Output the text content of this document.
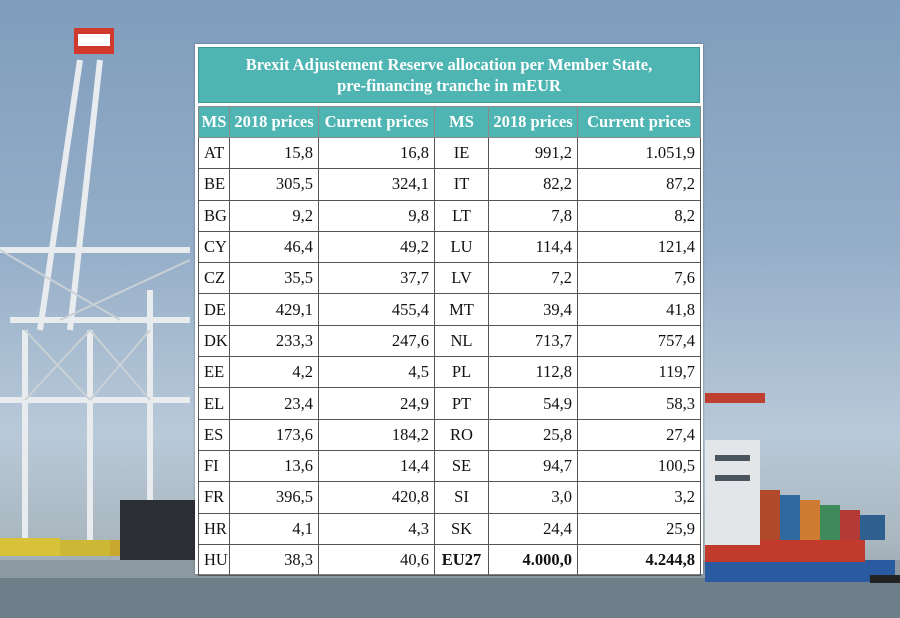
Brexit Adjustement Reserve allocation per Member State,
pre-financing tranche in mEUR
MS	2018 prices	Current prices	MS	2018 prices	Current prices
AT	15,8	16,8	IE	991,2	1.051,9
BE	305,5	324,1	IT	82,2	87,2
BG	9,2	9,8	LT	7,8	8,2
CY	46,4	49,2	LU	114,4	121,4
CZ	35,5	37,7	LV	7,2	7,6
DE	429,1	455,4	MT	39,4	41,8
DK	233,3	247,6	NL	713,7	757,4
EE	4,2	4,5	PL	112,8	119,7
EL	23,4	24,9	PT	54,9	58,3
ES	173,6	184,2	RO	25,8	27,4
FI	13,6	14,4	SE	94,7	100,5
FR	396,5	420,8	SI	3,0	3,2
HR	4,1	4,3	SK	24,4	25,9
HU	38,3	40,6	EU27	4.000,0	4.244,8
